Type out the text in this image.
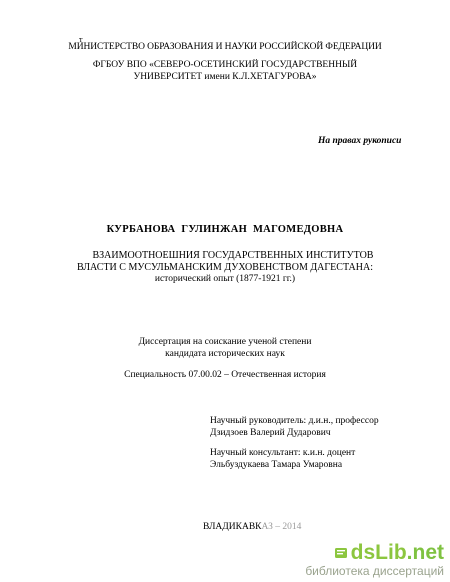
т
МИНИСТЕРСТВО ОБРАЗОВАНИЯ И НАУКИ РОССИЙСКОЙ ФЕДЕРАЦИИ
ФГБОУ ВПО «СЕВЕРО-ОСЕТИНСКИЙ ГОСУДАРСТВЕННЫЙ
УНИВЕРСИТЕТ имени К.Л.ХЕТАГУРОВА»
На правах рукописи
КУРБАНОВА ГУЛИНЖАН МАГОМЕДОВНА
ВЗАИМООТНОЕШНИЯ ГОСУДАРСТВЕННЫХ ИНСТИТУТОВ
ВЛАСТИ С МУСУЛЬМАНСКИМ ДУХОВЕНСТВОМ ДАГЕСТАНА:
исторический опыт (1877-1921 гг.)
Диссертация на соискание ученой степени
кандидата исторических наук
Специальность 07.00.02 – Отечественная история
Научный руководитель: д.и.н., профессор
Дзидзоев Валерий Дударович
Научный консультант: к.и.н. доцент
Эльбуздукаева Тамара Умаровна
ВЛАДИКАВКАЗ – 2014
dsLib.net
библиотека диссертаций
